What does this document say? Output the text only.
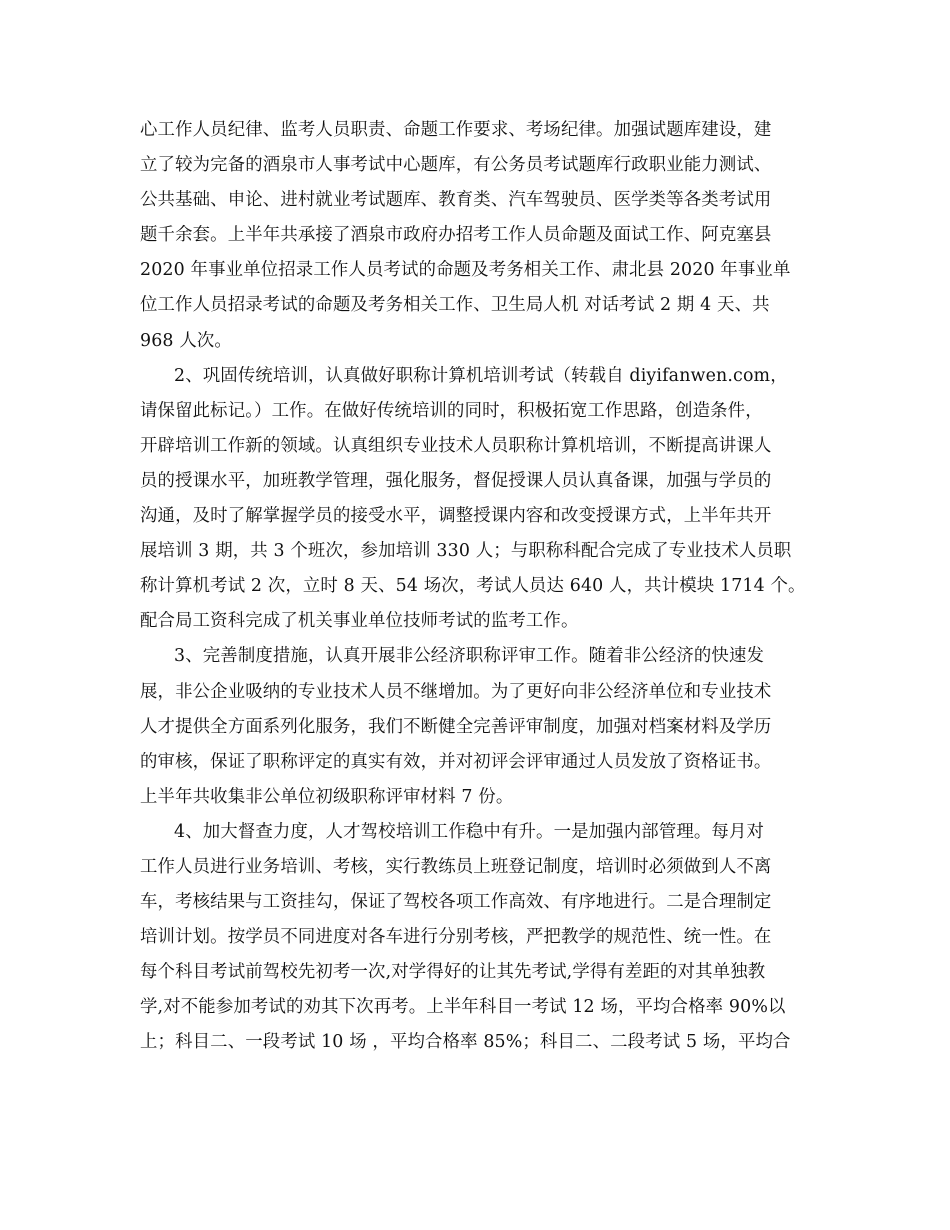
心工作人员纪律、监考人员职责、命题工作要求、考场纪律。加强试题库建设，建
立了较为完备的酒泉市人事考试中心题库，有公务员考试题库行政职业能力测试、
公共基础、申论、进村就业考试题库、教育类、汽车驾驶员、医学类等各类考试用
题千余套。上半年共承接了酒泉市政府办招考工作人员命题及面试工作、阿克塞县
2020 年事业单位招录工作人员考试的命题及考务相关工作、肃北县 2020 年事业单
位工作人员招录考试的命题及考务相关工作、卫生局人机 对话考试 2 期 4 天、共
968 人次。
2、巩固传统培训，认真做好职称计算机培训考试（转载自 diyifanwen.com，
请保留此标记。）工作。在做好传统培训的同时，积极拓宽工作思路，创造条件，
开辟培训工作新的领域。认真组织专业技术人员职称计算机培训，不断提高讲课人
员的授课水平，加班教学管理，强化服务，督促授课人员认真备课，加强与学员的
沟通，及时了解掌握学员的接受水平，调整授课内容和改变授课方式，上半年共开
展培训 3 期，共 3 个班次，参加培训 330 人；与职称科配合完成了专业技术人员职
称计算机考试 2 次，立时 8 天、54 场次，考试人员达 640 人，共计模块 1714 个。
配合局工资科完成了机关事业单位技师考试的监考工作。
3、完善制度措施，认真开展非公经济职称评审工作。随着非公经济的快速发
展，非公企业吸纳的专业技术人员不继增加。为了更好向非公经济单位和专业技术
人才提供全方面系列化服务，我们不断健全完善评审制度，加强对档案材料及学历
的审核，保证了职称评定的真实有效，并对初评会评审通过人员发放了资格证书。
上半年共收集非公单位初级职称评审材料 7 份。
4、加大督查力度，人才驾校培训工作稳中有升。一是加强内部管理。每月对
工作人员进行业务培训、考核，实行教练员上班登记制度，培训时必须做到人不离
车，考核结果与工资挂勾，保证了驾校各项工作高效、有序地进行。二是合理制定
培训计划。按学员不同进度对各车进行分别考核，严把教学的规范性、统一性。在
每个科目考试前驾校先初考一次,对学得好的让其先考试,学得有差距的对其单独教
学,对不能参加考试的劝其下次再考。上半年科目一考试 12 场，平均合格率 90%以
上；科目二、一段考试 10 场 ，平均合格率 85%；科目二、二段考试 5 场，平均合
